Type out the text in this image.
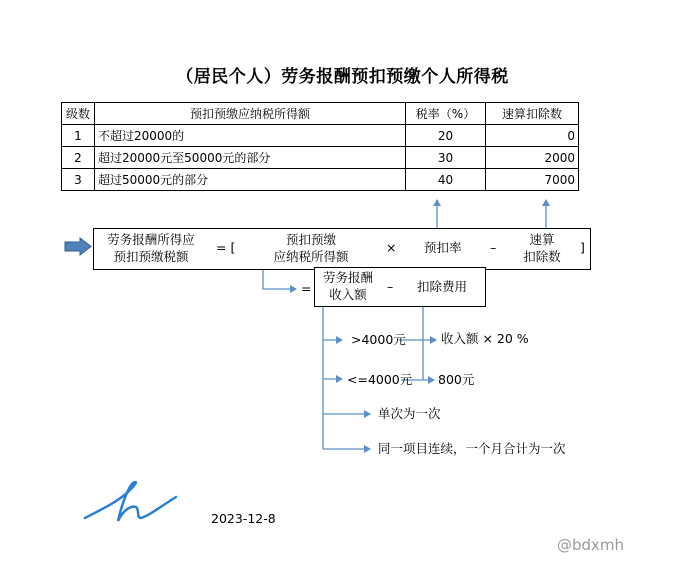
（居民个人）劳务报酬预扣预缴个人所得税
级数	预扣预缴应纳税所得额	税率（%）	速算扣除数
1	不超过20000的	20	0
2	超过20000元至50000元的部分	30	2000
3	超过50000元的部分	40	7000
劳务报酬所得应
预扣预缴税额
= [
预扣预缴
应纳税所得额
× 预扣率 –
速算
扣除数
]
=
劳务报酬
收入额
– 扣除费用
>4000元	收入额 × 20 %
<=4000元 800元
单次为一次
同一项目连续，一个月合计为一次
2023-12-8
@bdxmh
